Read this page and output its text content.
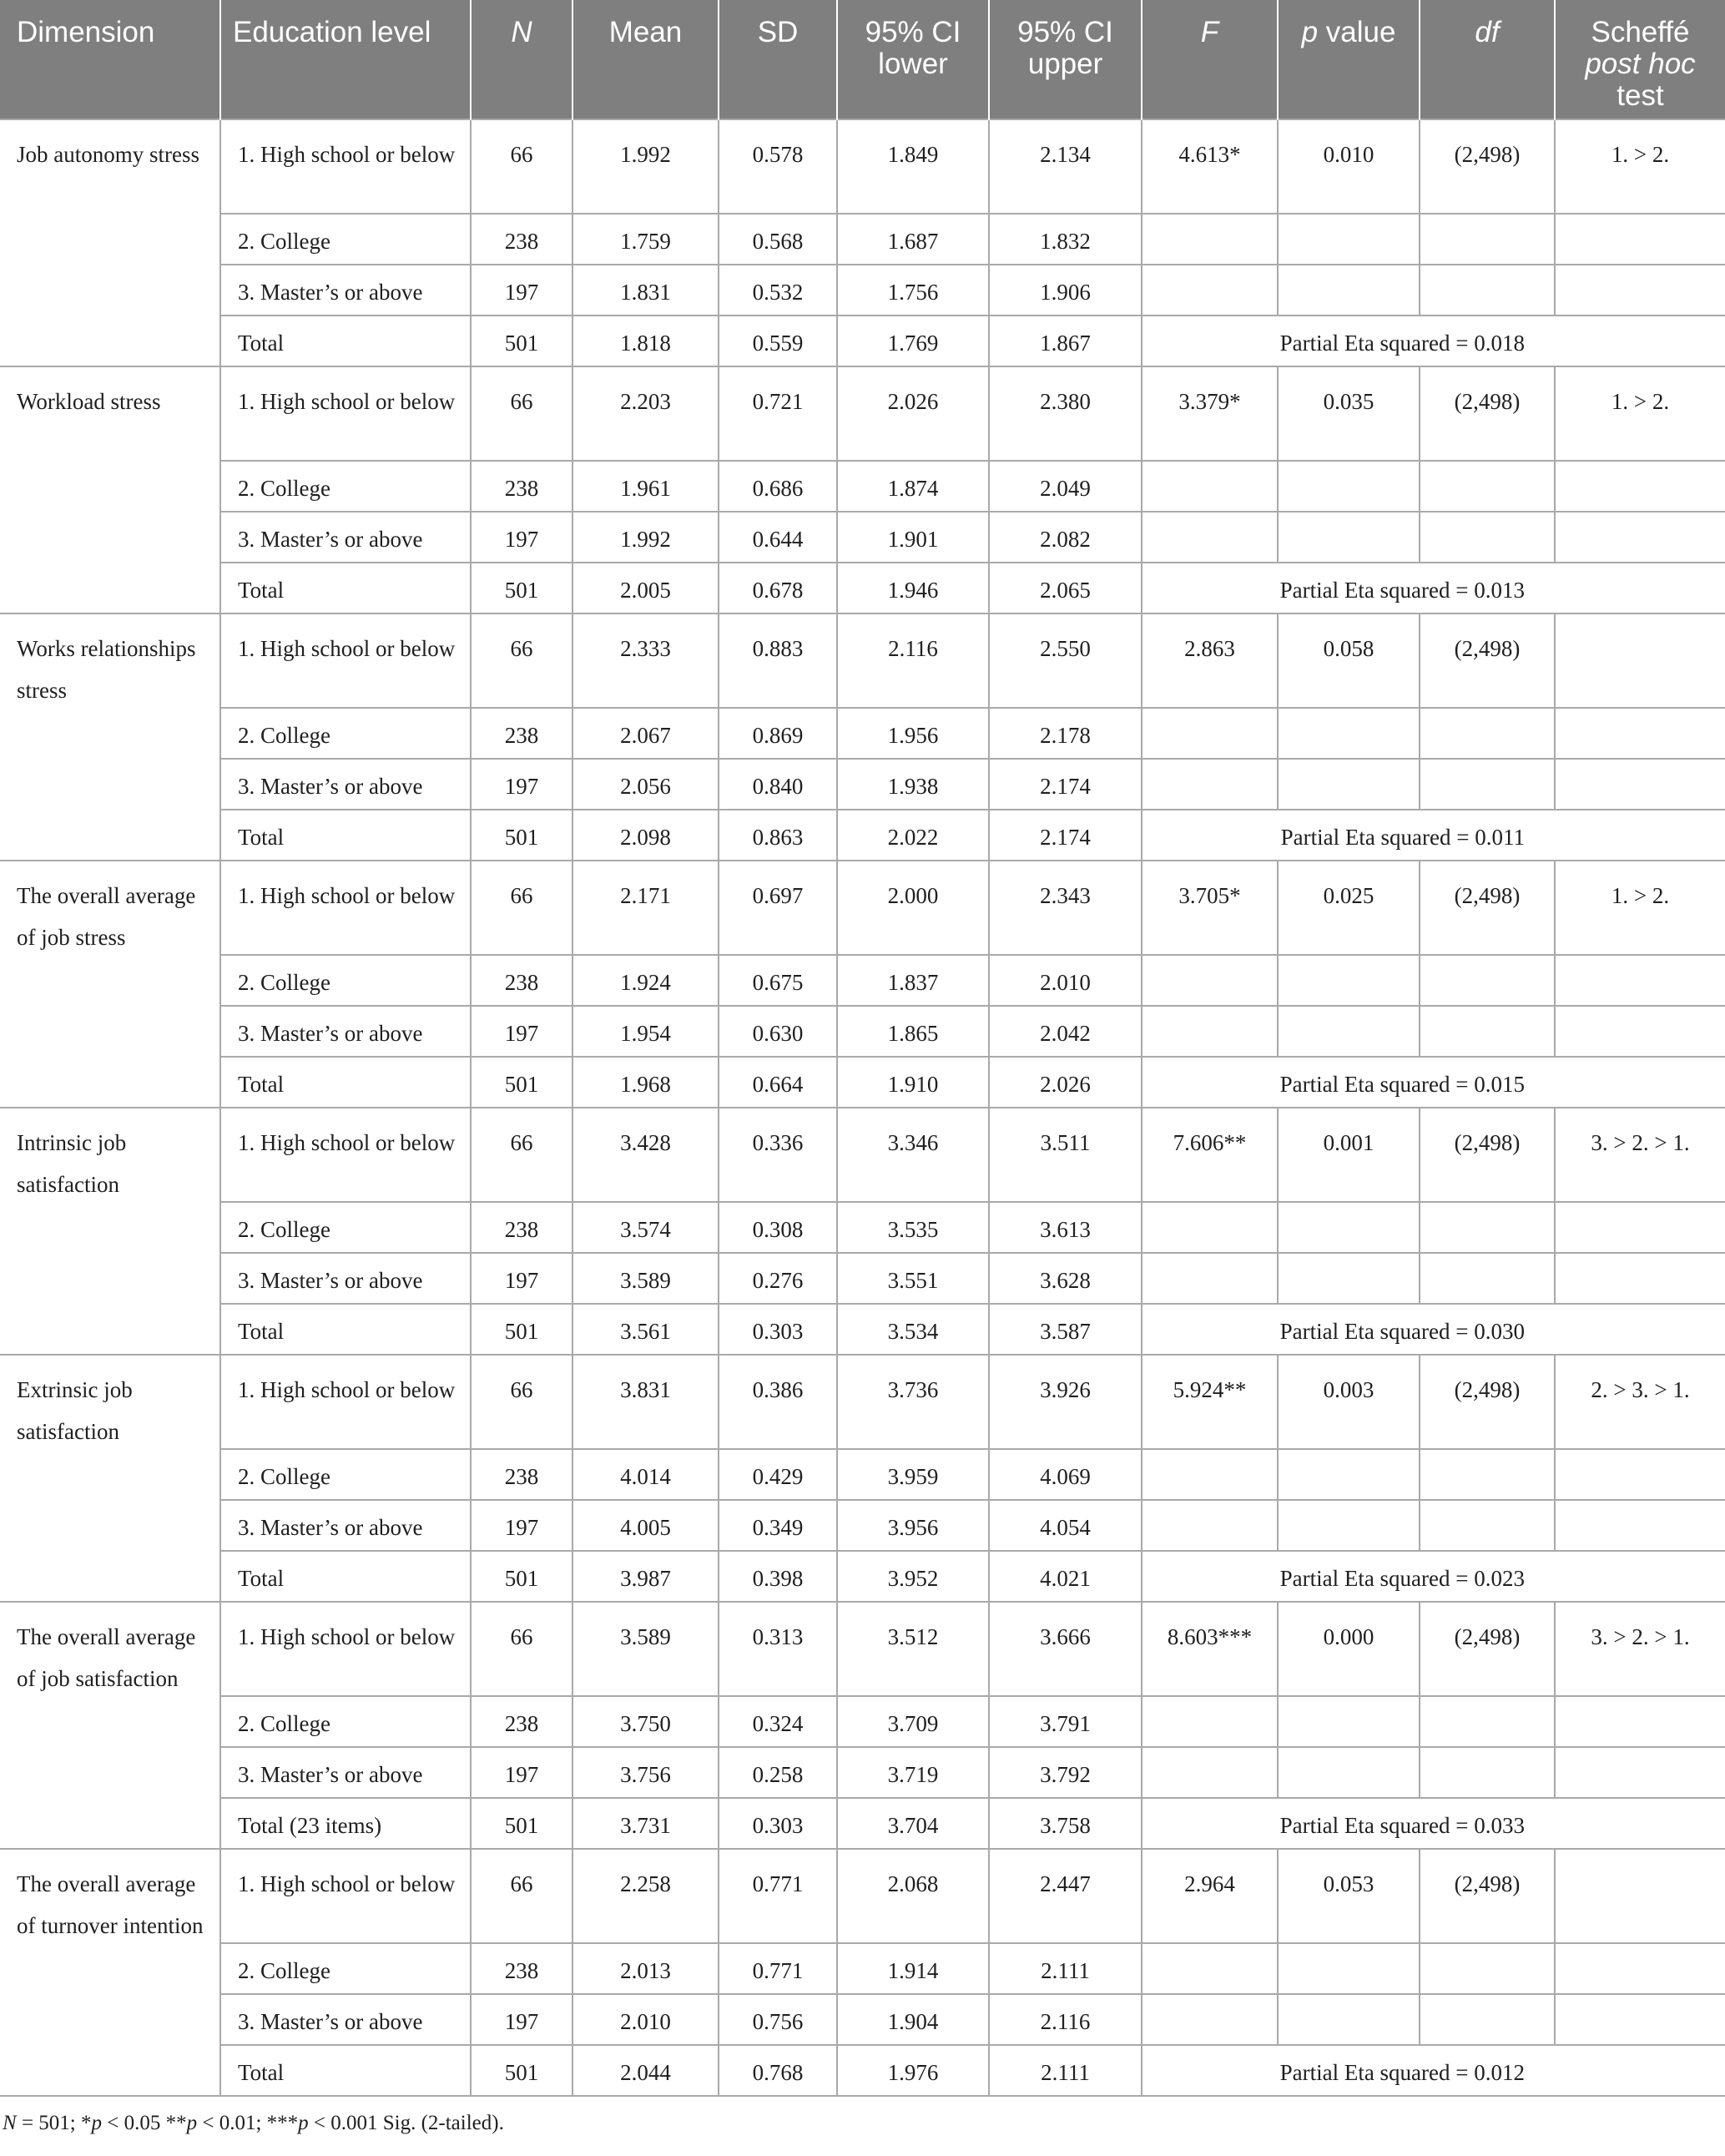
Dimension	Education level	N	Mean	SD	95% CI lower	95% CI upper	F	p value	df	Scheffé
post hoc
test
Job autonomy stress	1. High school or below	66	1.992	0.578	1.849	2.134	4.613*	0.010	(2,498)	1. > 2.
	2. College	238	1.759	0.568	1.687	1.832				
	3. Master’s or above	197	1.831	0.532	1.756	1.906				
	Total	501	1.818	0.559	1.769	1.867	Partial Eta squared = 0.018			
Workload stress	1. High school or below	66	2.203	0.721	2.026	2.380	3.379*	0.035	(2,498)	1. > 2.
	2. College	238	1.961	0.686	1.874	2.049				
	3. Master’s or above	197	1.992	0.644	1.901	2.082				
	Total	501	2.005	0.678	1.946	2.065	Partial Eta squared = 0.013			
Works relationships stress	1. High school or below	66	2.333	0.883	2.116	2.550	2.863	0.058	(2,498)	
	2. College	238	2.067	0.869	1.956	2.178				
	3. Master’s or above	197	2.056	0.840	1.938	2.174				
	Total	501	2.098	0.863	2.022	2.174	Partial Eta squared = 0.011			
The overall average of job stress	1. High school or below	66	2.171	0.697	2.000	2.343	3.705*	0.025	(2,498)	1. > 2.
	2. College	238	1.924	0.675	1.837	2.010				
	3. Master’s or above	197	1.954	0.630	1.865	2.042				
	Total	501	1.968	0.664	1.910	2.026	Partial Eta squared = 0.015			
Intrinsic job satisfaction	1. High school or below	66	3.428	0.336	3.346	3.511	7.606**	0.001	(2,498)	3. > 2. > 1.
	2. College	238	3.574	0.308	3.535	3.613				
	3. Master’s or above	197	3.589	0.276	3.551	3.628				
	Total	501	3.561	0.303	3.534	3.587	Partial Eta squared = 0.030			
Extrinsic job satisfaction	1. High school or below	66	3.831	0.386	3.736	3.926	5.924**	0.003	(2,498)	2. > 3. > 1.
	2. College	238	4.014	0.429	3.959	4.069				
	3. Master’s or above	197	4.005	0.349	3.956	4.054				
	Total	501	3.987	0.398	3.952	4.021	Partial Eta squared = 0.023			
The overall average of job satisfaction	1. High school or below	66	3.589	0.313	3.512	3.666	8.603***	0.000	(2,498)	3. > 2. > 1.
	2. College	238	3.750	0.324	3.709	3.791				
	3. Master’s or above	197	3.756	0.258	3.719	3.792				
	Total (23 items)	501	3.731	0.303	3.704	3.758	Partial Eta squared = 0.033			
The overall average of turnover intention	1. High school or below	66	2.258	0.771	2.068	2.447	2.964	0.053	(2,498)	
	2. College	238	2.013	0.771	1.914	2.111				
	3. Master’s or above	197	2.010	0.756	1.904	2.116				
	Total	501	2.044	0.768	1.976	2.111	Partial Eta squared = 0.012			
N = 501; *p < 0.05 **p < 0.01; ***p < 0.001 Sig. (2-tailed).
